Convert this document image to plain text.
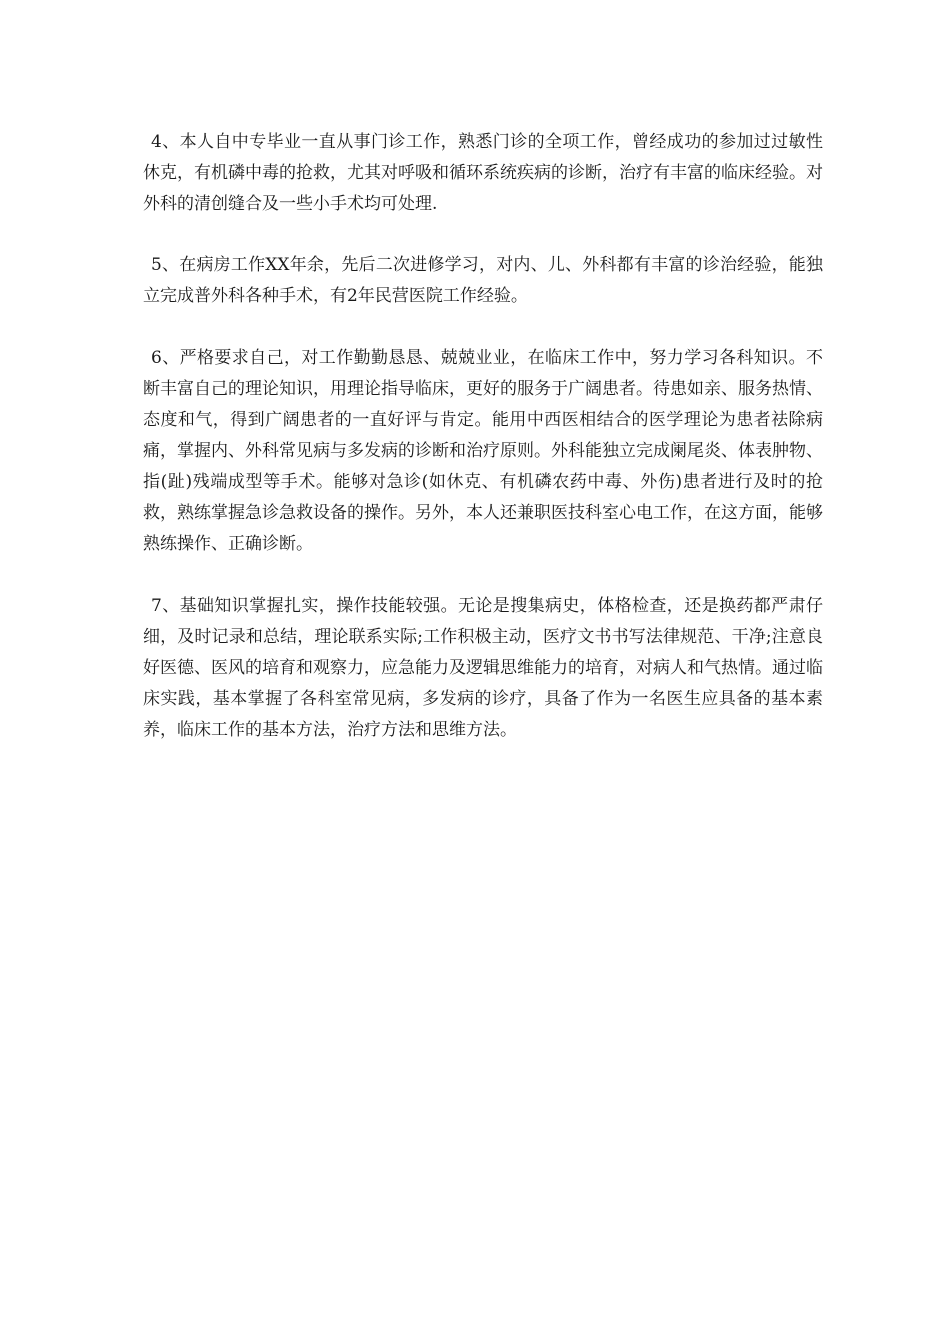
4、本人自中专毕业一直从事门诊工作，熟悉门诊的全项工作，曾经成功的参加过过敏性休克，有机磷中毒的抢救，尤其对呼吸和循环系统疾病的诊断，治疗有丰富的临床经验。对外科的清创缝合及一些小手术均可处理.

5、在病房工作XX年余，先后二次进修学习，对内、儿、外科都有丰富的诊治经验，能独立完成普外科各种手术，有2年民营医院工作经验。

6、严格要求自己，对工作勤勤恳恳、兢兢业业，在临床工作中，努力学习各科知识。不断丰富自己的理论知识，用理论指导临床，更好的服务于广阔患者。待患如亲、服务热情、态度和气，得到广阔患者的一直好评与肯定。能用中西医相结合的医学理论为患者祛除病痛，掌握内、外科常见病与多发病的诊断和治疗原则。外科能独立完成阑尾炎、体表肿物、指(趾)残端成型等手术。能够对急诊(如休克、有机磷农药中毒、外伤)患者进行及时的抢救，熟练掌握急诊急救设备的操作。另外，本人还兼职医技科室心电工作，在这方面，能够熟练操作、正确诊断。

7、基础知识掌握扎实，操作技能较强。无论是搜集病史，体格检查，还是换药都严肃仔细，及时记录和总结，理论联系实际;工作积极主动，医疗文书书写法律规范、干净;注意良好医德、医风的培育和观察力，应急能力及逻辑思维能力的培育，对病人和气热情。通过临床实践，基本掌握了各科室常见病，多发病的诊疗，具备了作为一名医生应具备的基本素养，临床工作的基本方法，治疗方法和思维方法。
